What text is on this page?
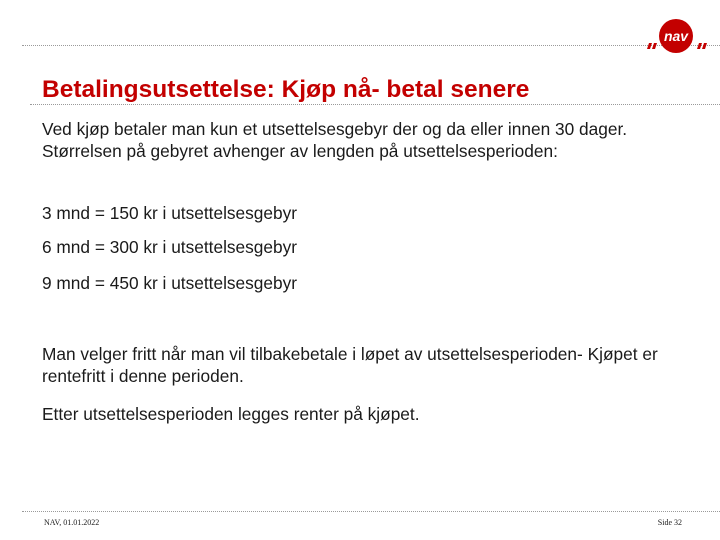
nav
Betalingsutsettelse: Kjøp nå- betal senere
Ved kjøp betaler man kun et utsettelsesgebyr der og da eller innen 30 dager. Størrelsen på gebyret avhenger av lengden på utsettelsesperioden:
3 mnd = 150 kr i utsettelsesgebyr
6 mnd = 300 kr i utsettelsesgebyr
9 mnd = 450 kr i utsettelsesgebyr
Man velger fritt når man vil tilbakebetale i løpet av utsettelsesperioden- Kjøpet er rentefritt i denne perioden.
Etter utsettelsesperioden legges renter på kjøpet.
NAV, 01.01.2022	Side 32
